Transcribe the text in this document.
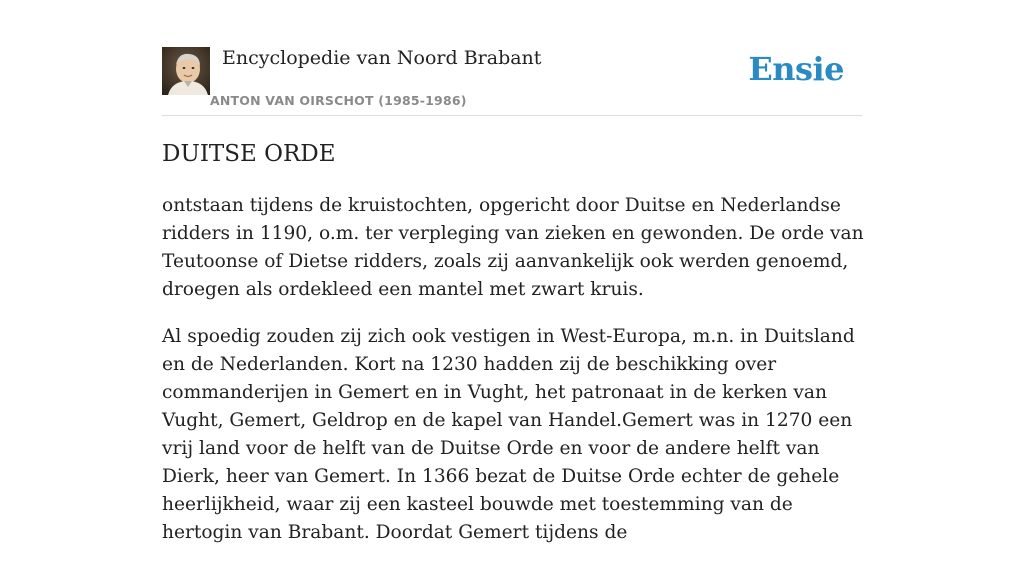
Encyclopedie van Noord Brabant
ANTON VAN OIRSCHOT (1985-1986)
Ensie
DUITSE ORDE

ontstaan tijdens de kruistochten, opgericht door Duitse en Nederlandse ridders in 1190, o.m. ter verpleging van zieken en gewonden. De orde van Teutoonse of Dietse ridders, zoals zij aanvankelijk ook werden genoemd, droegen als ordekleed een mantel met zwart kruis.

Al spoedig zouden zij zich ook vestigen in West-Europa, m.n. in Duitsland en de Nederlanden. Kort na 1230 hadden zij de beschikking over commanderijen in Gemert en in Vught, het patronaat in de kerken van Vught, Gemert, Geldrop en de kapel van Handel.Gemert was in 1270 een vrij land voor de helft van de Duitse Orde en voor de andere helft van Dierk, heer van Gemert. In 1366 bezat de Duitse Orde echter de gehele heerlijkheid, waar zij een kasteel bouwde met toestemming van de hertogin van Brabant. Doordat Gemert tijdens de
